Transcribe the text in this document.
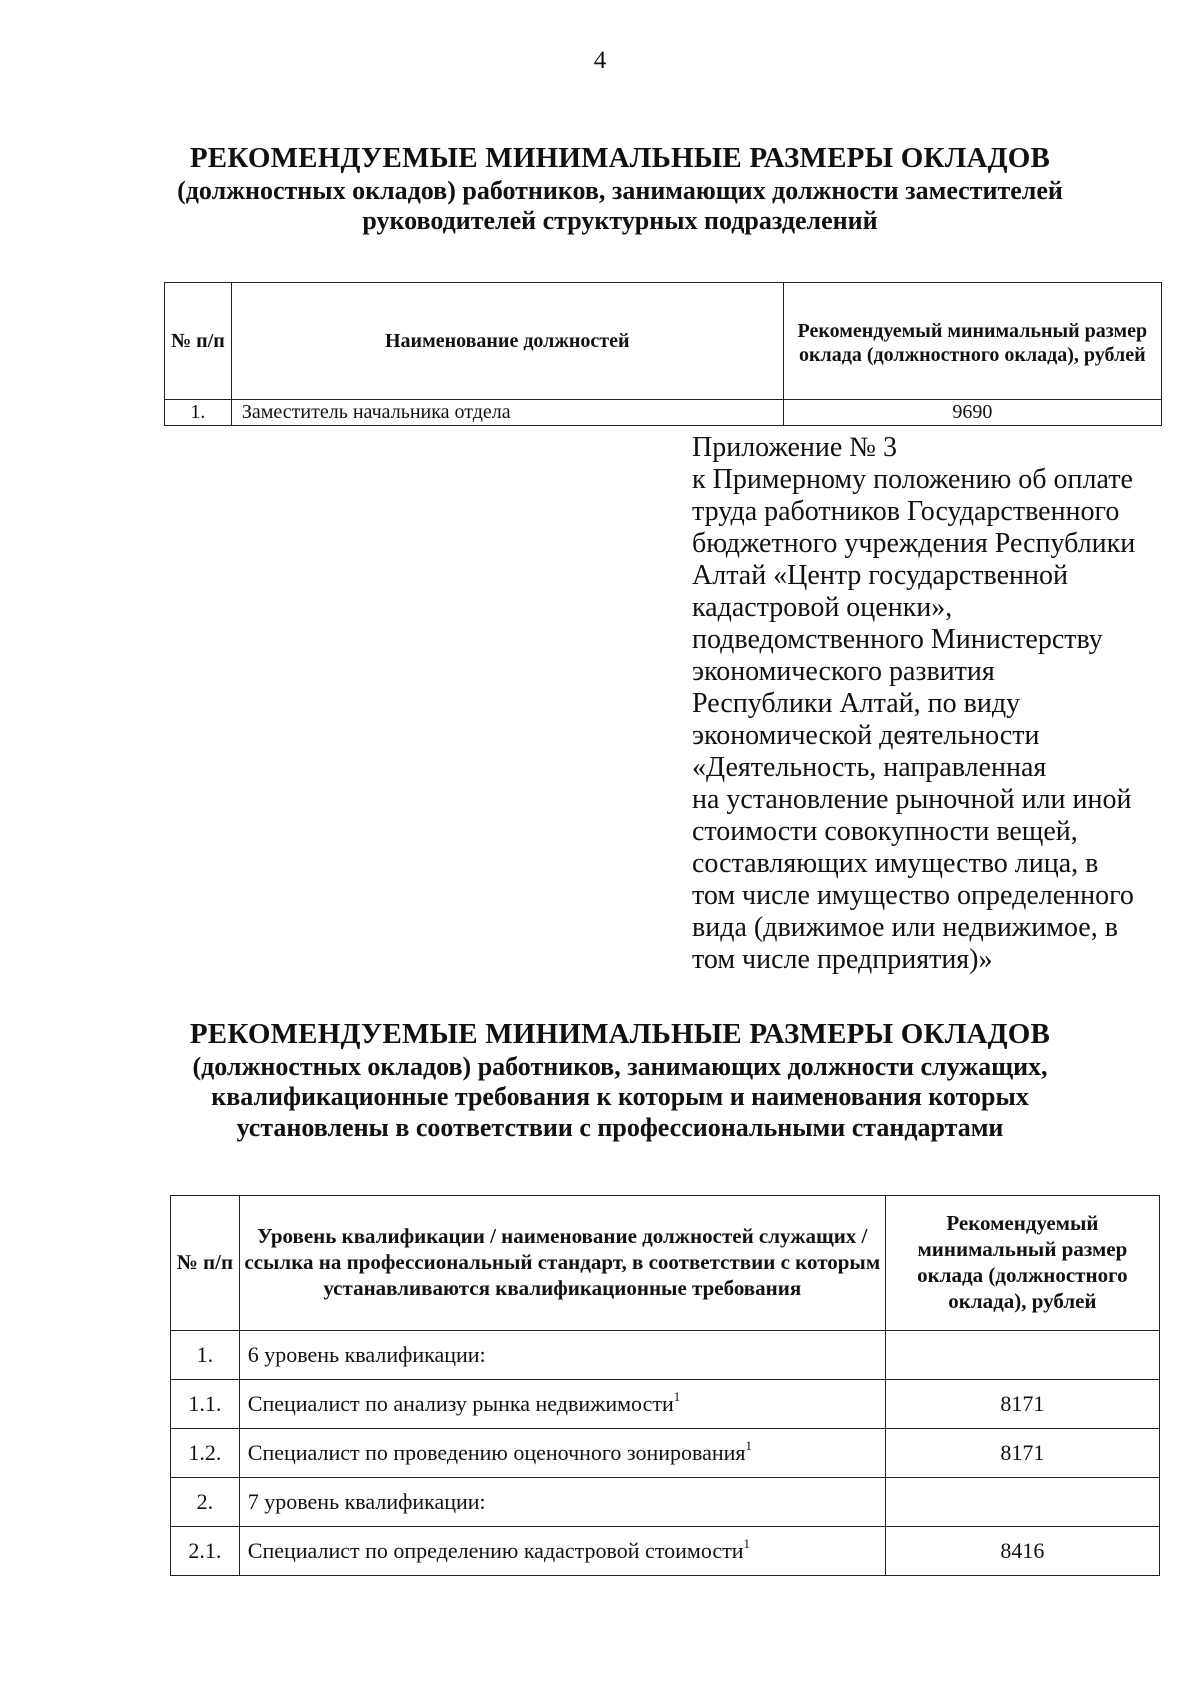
4
РЕКОМЕНДУЕМЫЕ МИНИМАЛЬНЫЕ РАЗМЕРЫ ОКЛАДОВ
(должностных окладов) работников, занимающих должности заместителей
руководителей структурных подразделений
№ п/п	Наименование должностей	Рекомендуемый минимальный размер оклада (должностного оклада), рублей
1.	Заместитель начальника отдела	9690
Приложение № 3
к Примерному положению об оплате
труда работников Государственного
бюджетного учреждения Республики
Алтай «Центр государственной
кадастровой оценки»,
подведомственного Министерству
экономического развития
Республики Алтай, по виду
экономической деятельности
«Деятельность, направленная
на установление рыночной или иной
стоимости совокупности вещей,
составляющих имущество лица, в
том числе имущество определенного
вида (движимое или недвижимое, в
том числе предприятия)»
РЕКОМЕНДУЕМЫЕ МИНИМАЛЬНЫЕ РАЗМЕРЫ ОКЛАДОВ
(должностных окладов) работников, занимающих должности служащих,
квалификационные требования к которым и наименования которых
установлены в соответствии с профессиональными стандартами
№ п/п	Уровень квалификации / наименование должностей служащих / ссылка на профессиональный стандарт, в соответствии с которым устанавливаются квалификационные требования	Рекомендуемый минимальный размер оклада (должностного оклада), рублей
1.	6 уровень квалификации:	
1.1.	Специалист по анализу рынка недвижимости$^1$	8171
1.2.	Специалист по проведению оценочного зонирования$^1$	8171
2.	7 уровень квалификации:	
2.1.	Специалист по определению кадастровой стоимости$^1$	8416
